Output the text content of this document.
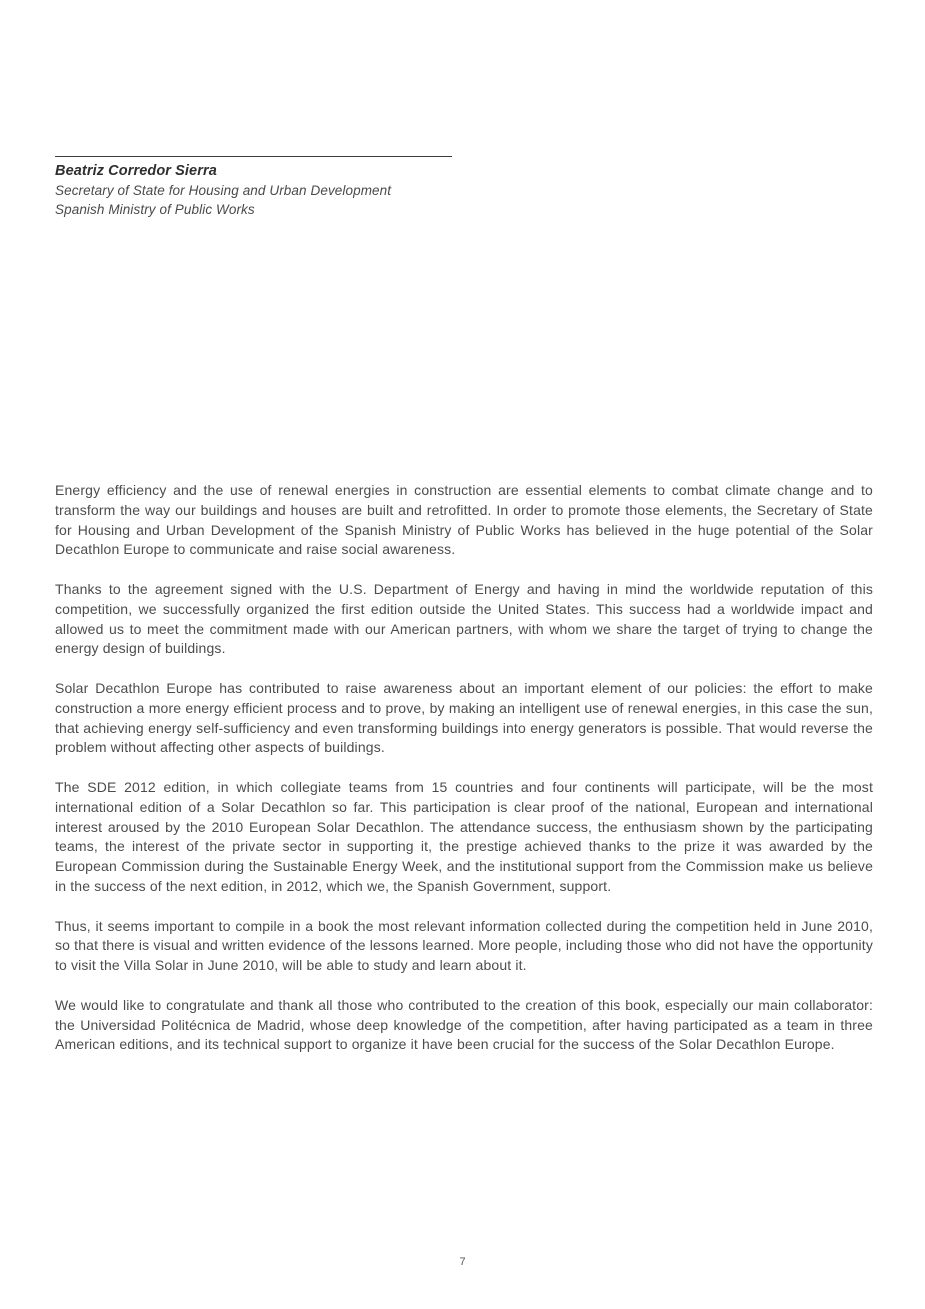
Beatriz Corredor Sierra
Secretary of State for Housing and Urban Development
Spanish Ministry of Public Works

Energy efficiency and the use of renewal energies in construction are essential elements to combat climate change and to transform the way our buildings and houses are built and retrofitted. In order to promote those elements, the Secretary of State for Housing and Urban Development of the Spanish Ministry of Public Works has believed in the huge potential of the Solar Decathlon Europe to communicate and raise social awareness.

Thanks to the agreement signed with the U.S. Department of Energy and having in mind the worldwide reputation of this competition, we successfully organized the first edition outside the United States. This success had a worldwide impact and allowed us to meet the commitment made with our American partners, with whom we share the target of trying to change the energy design of buildings.

Solar Decathlon Europe has contributed to raise awareness about an important element of our policies: the effort to make construction a more energy efficient process and to prove, by making an intelligent use of renewal energies, in this case the sun, that achieving energy self-sufficiency and even transforming buildings into energy generators is possible. That would reverse the problem without affecting other aspects of buildings.

The SDE 2012 edition, in which collegiate teams from 15 countries and four continents will participate, will be the most international edition of a Solar Decathlon so far. This participation is clear proof of the national, European and international interest aroused by the 2010 European Solar Decathlon. The attendance success, the enthusiasm shown by the participating teams, the interest of the private sector in supporting it, the prestige achieved thanks to the prize it was awarded by the European Commission during the Sustainable Energy Week, and the institutional support from the Commission make us believe in the success of the next edition, in 2012, which we, the Spanish Government, support.

Thus, it seems important to compile in a book the most relevant information collected during the competition held in June 2010, so that there is visual and written evidence of the lessons learned. More people, including those who did not have the opportunity to visit the Villa Solar in June 2010, will be able to study and learn about it.

We would like to congratulate and thank all those who contributed to the creation of this book, especially our main collaborator: the Universidad Politécnica de Madrid, whose deep knowledge of the competition, after having participated as a team in three American editions, and its technical support to organize it have been crucial for the success of the Solar Decathlon Europe.

7
